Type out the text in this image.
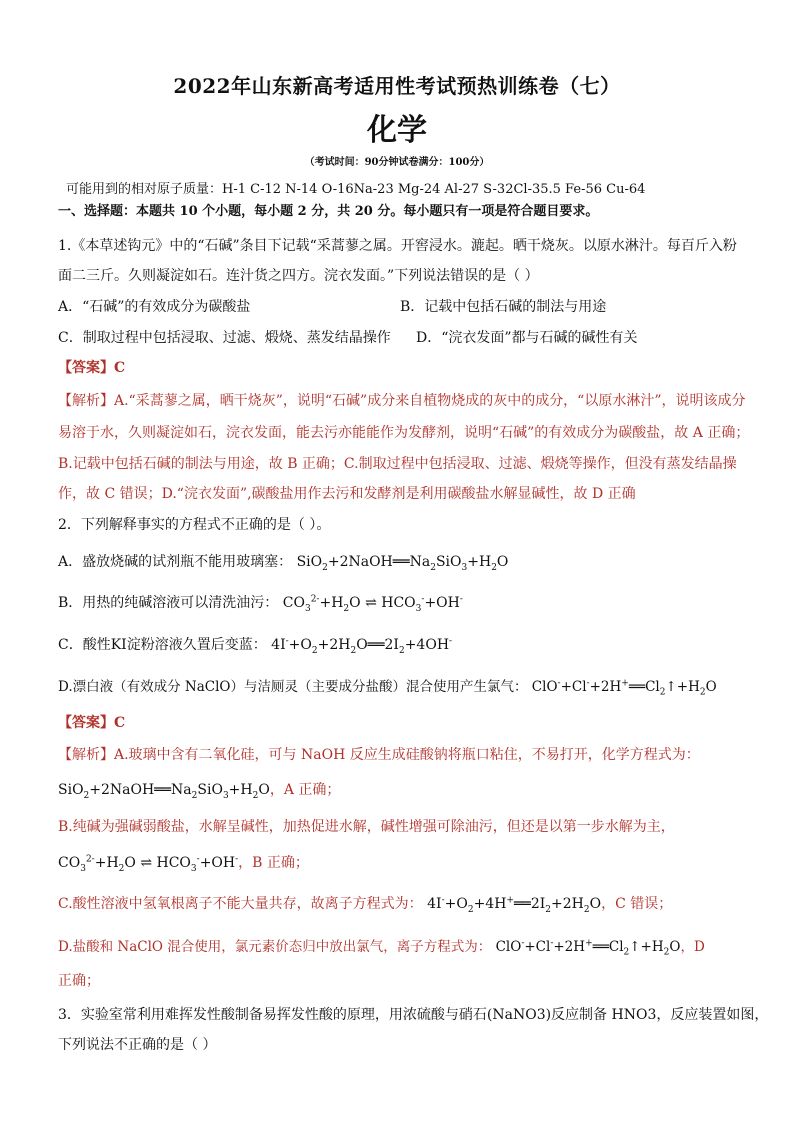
2022年山东新高考适用性考试预热训练卷（七）
化学
（考试时间：90分钟试卷满分：100分）
可能用到的相对原子质量：H-1 C-12 N-14 O-16Na-23 Mg-24 Al-27 S-32Cl-35.5 Fe-56 Cu-64
一、选择题：本题共 10 个小题，每小题 2 分，共 20 分。每小题只有一项是符合题目要求。
1.《本草述钩元》中的“石碱”条目下记载“采蒿蓼之属。开窖浸水。漉起。晒干烧灰。以原水淋汁。每百斤入粉
面二三斤。久则凝淀如石。连汁货之四方。浣衣发面。”下列说法错误的是（ ）
A．“石碱”的有效成分为碳酸盐	B．记载中包括石碱的制法与用途
C．制取过程中包括浸取、过滤、煅烧、蒸发结晶操作	D．“浣衣发面”都与石碱的碱性有关
【答案】C
【解析】A.“采蒿蓼之属，晒干烧灰”，说明“石碱”成分来自植物烧成的灰中的成分，“以原水淋汁”，说明该成分
易溶于水，久则凝淀如石，浣衣发面，能去污亦能能作为发酵剂，说明“石碱”的有效成分为碳酸盐，故 A 正确；
B.记载中包括石碱的制法与用途，故 B 正确；C.制取过程中包括浸取、过滤、煅烧等操作，但没有蒸发结晶操
作，故 C 错误；D.“浣衣发面”,碳酸盐用作去污和发酵剂是利用碳酸盐水解显碱性，故 D 正确
2．下列解释事实的方程式不正确的是（ ）。
A．盛放烧碱的试剂瓶不能用玻璃塞： $SiO_2+2NaOH══Na_2SiO_3+H_2O$
B．用热的纯碱溶液可以清洗油污： $CO_3^{2-}+H_2O$ ⇌ $HCO_3^-+OH^-$
C．酸性KI淀粉溶液久置后变蓝： $4I^-+O_2+2H_2O══2I_2+4OH^-$
D.漂白液（有效成分 NaClO）与洁厕灵（主要成分盐酸）混合使用产生氯气： $ClO^-+Cl^-+2H^+══Cl_2↑+H_2O$
【答案】C
【解析】A.玻璃中含有二氧化硅，可与 NaOH 反应生成硅酸钠将瓶口粘住，不易打开，化学方程式为：
$SiO_2+2NaOH══Na_2SiO_3+H_2O$，A 正确；
B.纯碱为强碱弱酸盐，水解呈碱性，加热促进水解，碱性增强可除油污，但还是以第一步水解为主，
$CO_3^{2-}+H_2O$ ⇌ $HCO_3^-+OH^-$，B 正确；
C.酸性溶液中氢氧根离子不能大量共存，故离子方程式为： $4I^-+O_2+4H^+══2I_2+2H_2O$，C 错误；
D.盐酸和 NaClO 混合使用，氯元素价态归中放出氯气，离子方程式为： $ClO^-+Cl^-+2H^+══Cl_2↑+H_2O$，D
正确；
3．实验室常利用难挥发性酸制备易挥发性酸的原理，用浓硫酸与硝石(NaNO3)反应制备 HNO3，反应装置如图，
下列说法不正确的是（ ）
